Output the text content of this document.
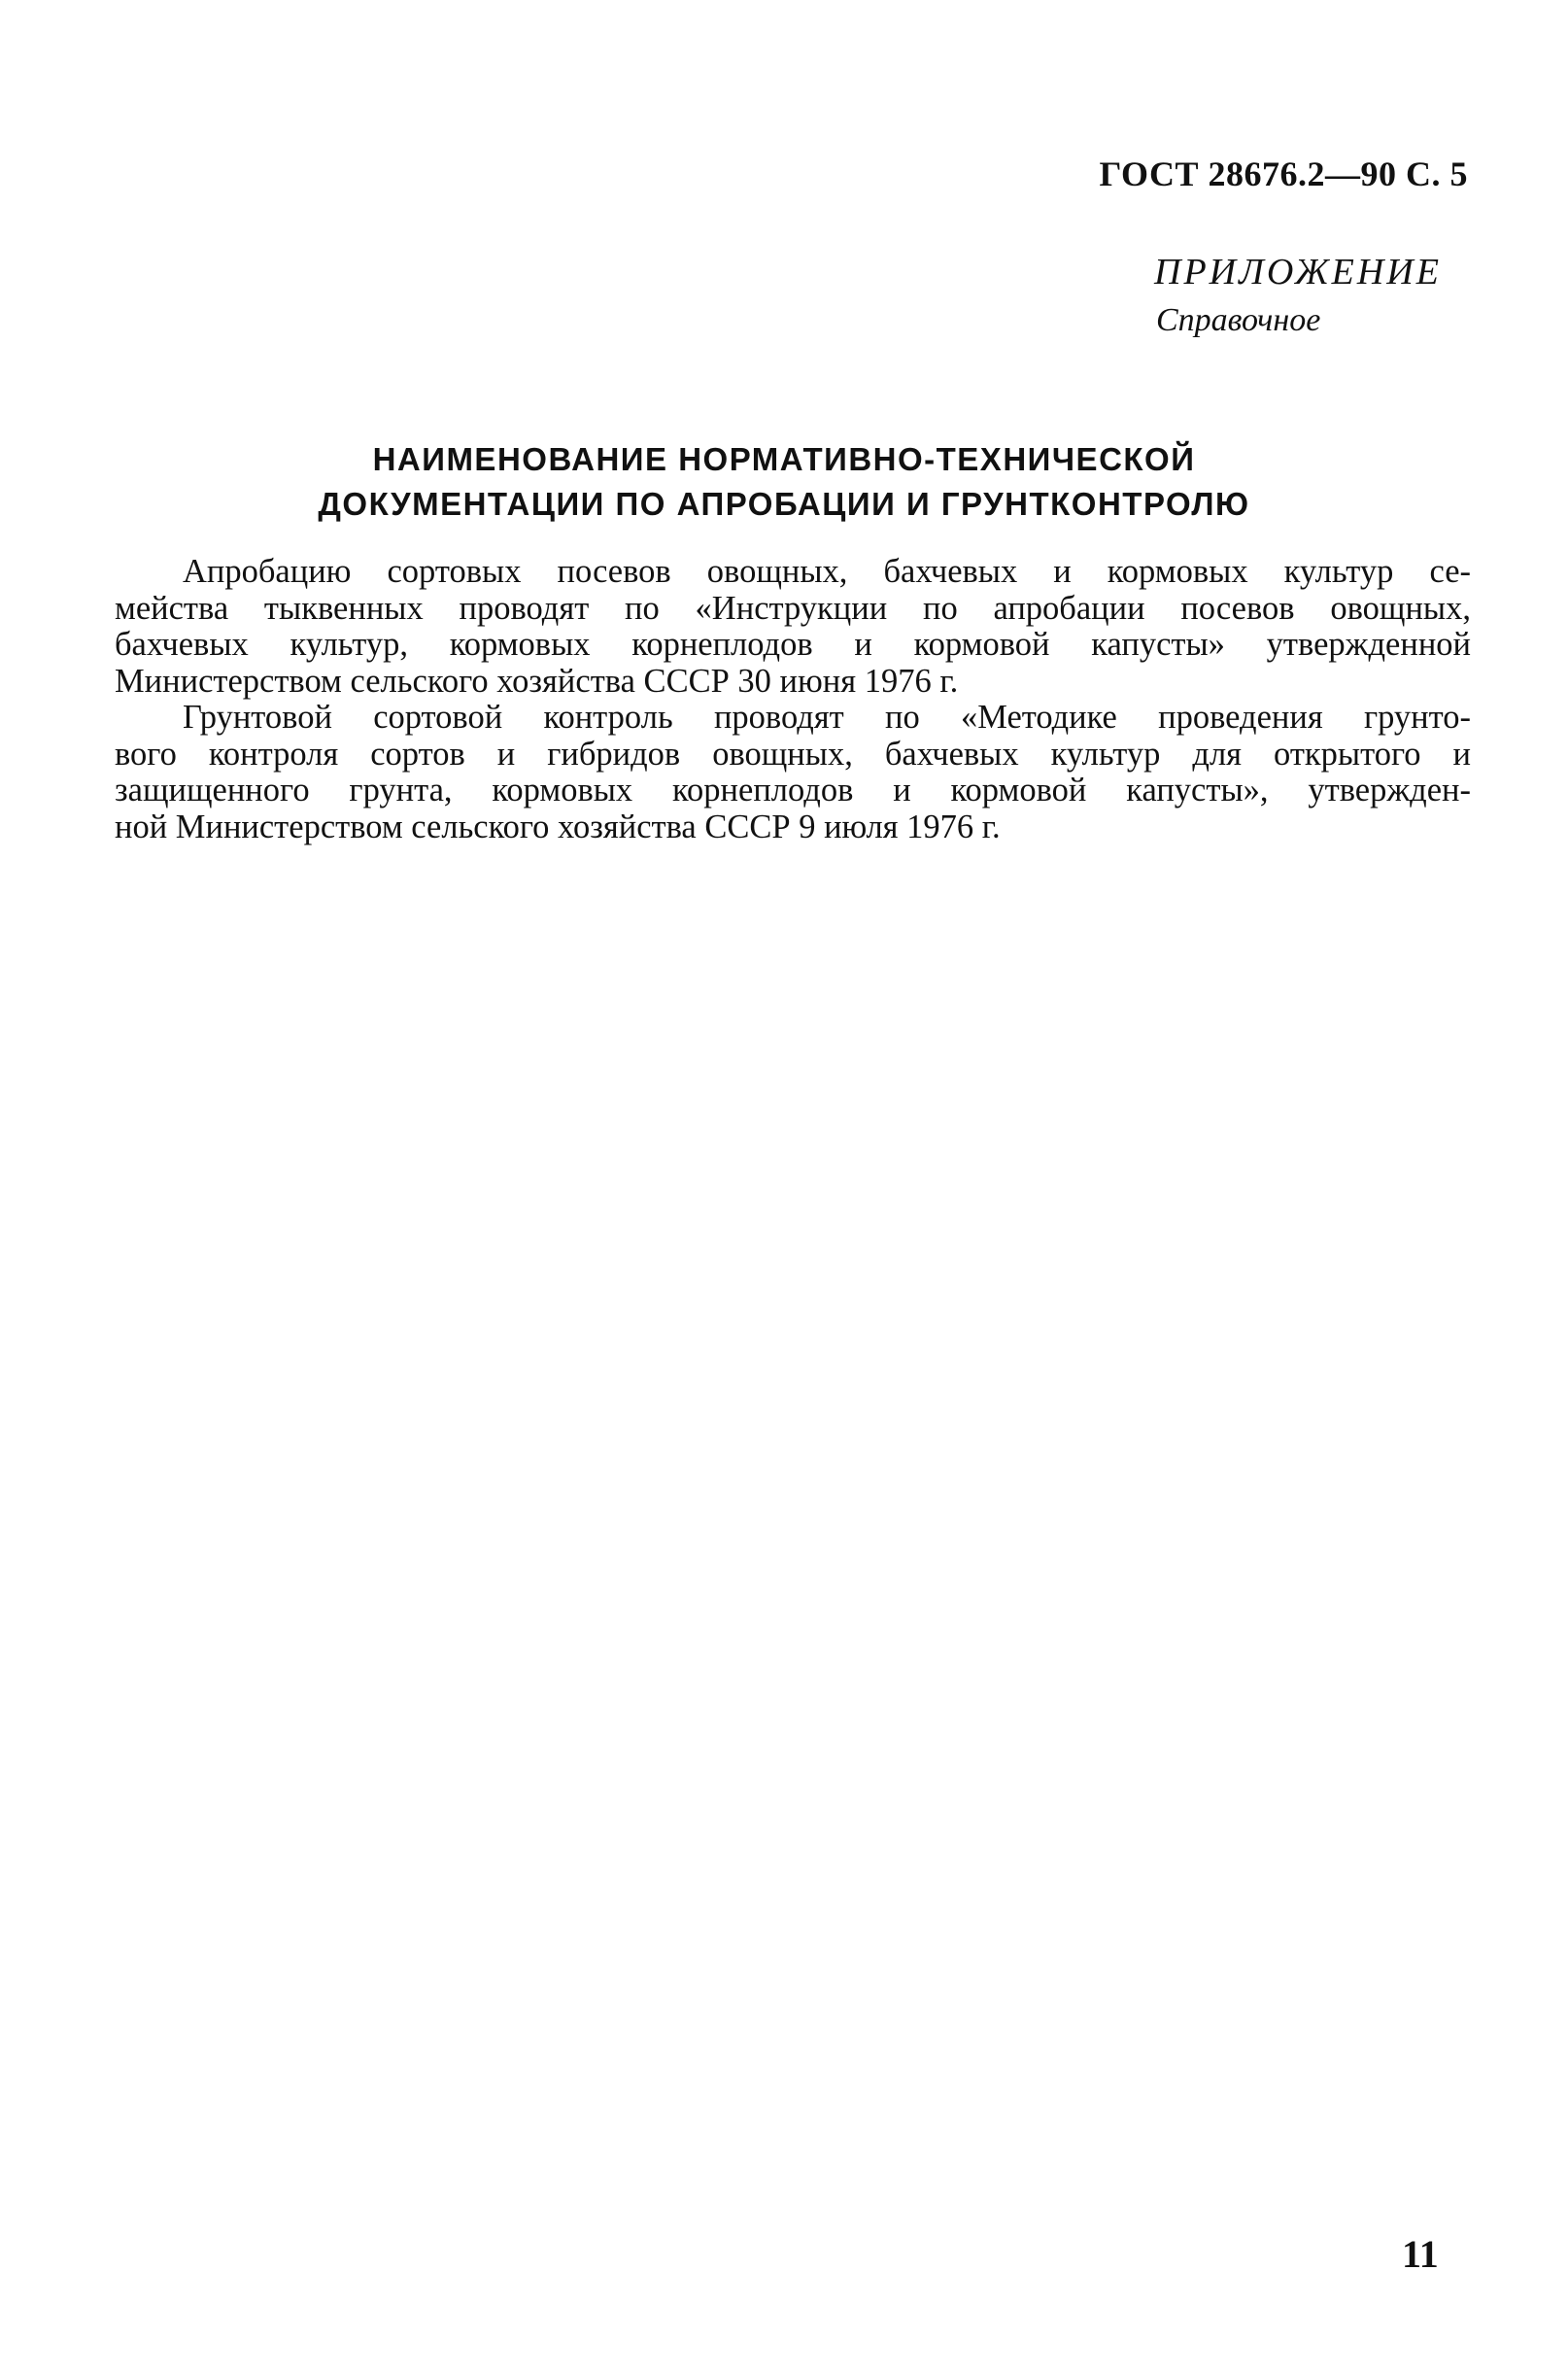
ГОСТ 28676.2—90 С. 5
ПРИЛОЖЕНИЕ
Справочное
НАИМЕНОВАНИЕ НОРМАТИВНО-ТЕХНИЧЕСКОЙ
ДОКУМЕНТАЦИИ ПО АПРОБАЦИИ И ГРУНТКОНТРОЛЮ
Апробацию сортовых посевов овощных, бахчевых и кормовых культур се-
мейства тыквенных проводят по «Инструкции по апробации посевов овощных,
бахчевых культур, кормовых корнеплодов и кормовой капусты» утвержденной
Министерством сельского хозяйства СССР 30 июня 1976 г.
Грунтовой сортовой контроль проводят по «Методике проведения грунто-
вого контроля сортов и гибридов овощных, бахчевых культур для открытого и
защищенного грунта, кормовых корнеплодов и кормовой капусты», утвержден-
ной Министерством сельского хозяйства СССР 9 июля 1976 г.
11
